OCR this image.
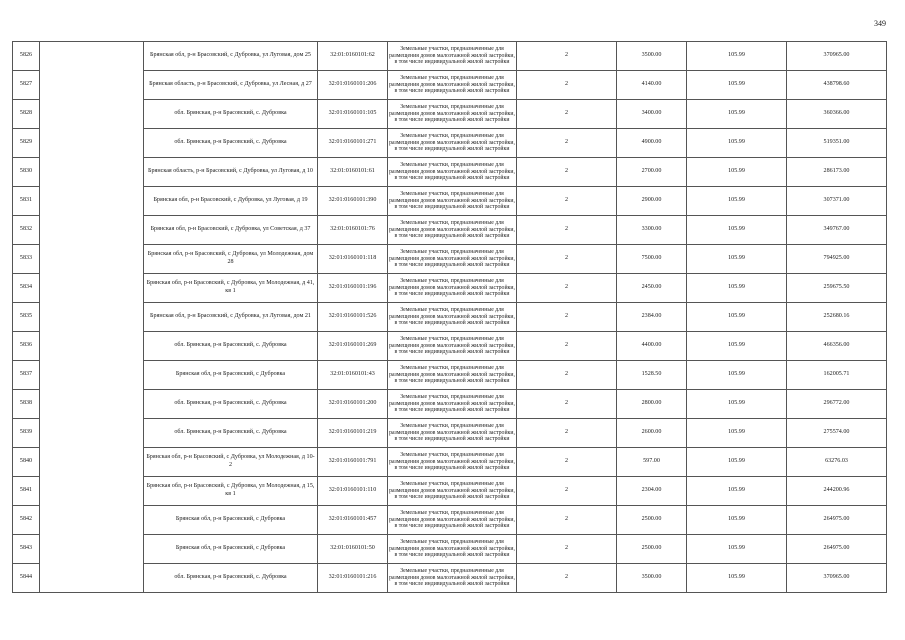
349
5826		Брянская обл, р-н Брасовский, с Дубровка, ул Луговая, дом 25	32:01:0160101:62	Земельные участки, предназначенные для размещения домов малоэтажной жилой застройки, в том числе индивидуальной жилой застройки	2	3500.00	105.99	370965.00
5827		Брянская область, р-н Брасовский, с Дубровка, ул Лесная, д 27	32:01:0160101:206	Земельные участки, предназначенные для размещения домов малоэтажной жилой застройки, в том числе индивидуальной жилой застройки	2	4140.00	105.99	438798.60
5828		обл. Брянская, р-н Брасовский, с. Дубровка	32:01:0160101:105	Земельные участки, предназначенные для размещения домов малоэтажной жилой застройки, в том числе индивидуальной жилой застройки	2	3400.00	105.99	360366.00
5829		обл. Брянская, р-н Брасовский, с. Дубровка	32:01:0160101:271	Земельные участки, предназначенные для размещения домов малоэтажной жилой застройки, в том числе индивидуальной жилой застройки	2	4900.00	105.99	519351.00
5830		Брянская область, р-н Брасовский, с Дубровка, ул Луговая, д 10	32:01:0160101:61	Земельные участки, предназначенные для размещения домов малоэтажной жилой застройки, в том числе индивидуальной жилой застройки	2	2700.00	105.99	286173.00
5831		Брянская обл, р-н Брасовский, с Дубровка, ул Луговая, д 19	32:01:0160101:390	Земельные участки, предназначенные для размещения домов малоэтажной жилой застройки, в том числе индивидуальной жилой застройки	2	2900.00	105.99	307371.00
5832		Брянская обл, р-н Брасовский, с Дубровка, ул Советская, д 37	32:01:0160101:76	Земельные участки, предназначенные для размещения домов малоэтажной жилой застройки, в том числе индивидуальной жилой застройки	2	3300.00	105.99	349767.00
5833		Брянская обл, р-н Брасовский, с Дубровка, ул Молодежная, дом 28	32:01:0160101:118	Земельные участки, предназначенные для размещения домов малоэтажной жилой застройки, в том числе индивидуальной жилой застройки	2	7500.00	105.99	794925.00
5834		Брянская обл, р-н Брасовский, с Дубровка, ул Молодежная, д 41, кв 1	32:01:0160101:196	Земельные участки, предназначенные для размещения домов малоэтажной жилой застройки, в том числе индивидуальной жилой застройки	2	2450.00	105.99	259675.50
5835		Брянская обл, р-н Брасовский, с Дубровка, ул Луговая, дом 21	32:01:0160101:526	Земельные участки, предназначенные для размещения домов малоэтажной жилой застройки, в том числе индивидуальной жилой застройки	2	2384.00	105.99	252680.16
5836		обл. Брянская, р-н Брасовский, с. Дубровка	32:01:0160101:269	Земельные участки, предназначенные для размещения домов малоэтажной жилой застройки, в том числе индивидуальной жилой застройки	2	4400.00	105.99	466356.00
5837		Брянская обл, р-н Брасовский, с Дубровка	32:01:0160101:43	Земельные участки, предназначенные для размещения домов малоэтажной жилой застройки, в том числе индивидуальной жилой застройки	2	1528.50	105.99	162005.71
5838		обл. Брянская, р-н Брасовский, с. Дубровка	32:01:0160101:200	Земельные участки, предназначенные для размещения домов малоэтажной жилой застройки, в том числе индивидуальной жилой застройки	2	2800.00	105.99	296772.00
5839		обл. Брянская, р-н Брасовский, с. Дубровка	32:01:0160101:219	Земельные участки, предназначенные для размещения домов малоэтажной жилой застройки, в том числе индивидуальной жилой застройки	2	2600.00	105.99	275574.00
5840		Брянская обл, р-н Брасовский, с Дубровка, ул Молодежная, д 10-2	32:01:0160101:791	Земельные участки, предназначенные для размещения домов малоэтажной жилой застройки, в том числе индивидуальной жилой застройки	2	597.00	105.99	63276.03
5841		Брянская обл, р-н Брасовский, с Дубровка, ул Молодежная, д 15, кв 1	32:01:0160101:110	Земельные участки, предназначенные для размещения домов малоэтажной жилой застройки, в том числе индивидуальной жилой застройки	2	2304.00	105.99	244200.96
5842		Брянская обл, р-н Брасовский, с Дубровка	32:01:0160101:457	Земельные участки, предназначенные для размещения домов малоэтажной жилой застройки, в том числе индивидуальной жилой застройки	2	2500.00	105.99	264975.00
5843		Брянская обл, р-н Брасовский, с Дубровка	32:01:0160101:50	Земельные участки, предназначенные для размещения домов малоэтажной жилой застройки, в том числе индивидуальной жилой застройки	2	2500.00	105.99	264975.00
5844		обл. Брянская, р-н Брасовский, с. Дубровка	32:01:0160101:216	Земельные участки, предназначенные для размещения домов малоэтажной жилой застройки, в том числе индивидуальной жилой застройки	2	3500.00	105.99	370965.00
